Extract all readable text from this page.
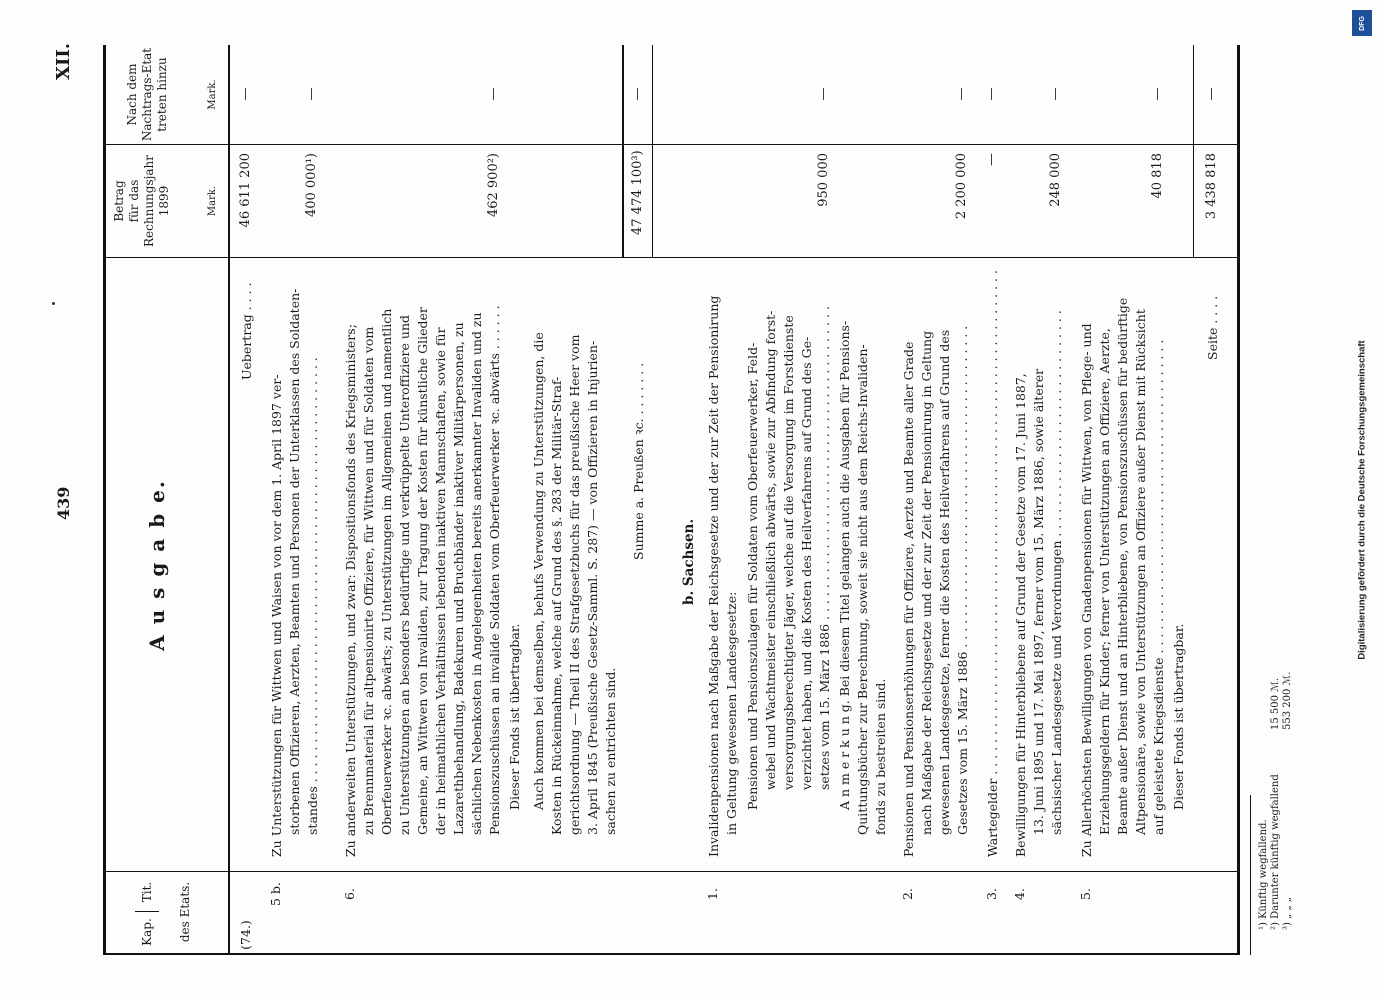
XII.
439
Kap.
Tit. des Etats.
A u s g a b e.
Betrag für das Rechnungsjahr 1899	Mark.
Nach dem Nachtrags-Etat treten hinzu	Mark.
(74.)
Uebertrag . . . .
46 611 200
—
5 b.
Zu Unterstützungen für Wittwen und Waisen von vor dem 1. April 1897 ver- storbenen Offizieren, Aerzten, Beamten und Personen der Unterklassen des Soldaten- standes . . . . . . . . . . . . . . . . . . . . . . . . . . . . . . . . . . . . . . . . . . . . . . . . . . . . . .
400 000¹)
—
6.
Zu anderweiten Unterstützungen, und zwar: Dispositionsfonds des Kriegsministers; zu Brennmaterial für altpensionirte Offiziere, für Wittwen und für Soldaten vom Oberfeuerwerker ꝛc. abwärts; zu Unterstützungen im Allgemeinen und namentlich zu Unterstützungen an besonders bedürftige und verkrüppelte Unteroffiziere und Gemeine, an Wittwen von Invaliden, zur Tragung der Kosten für künstliche Glieder der in heimathlichen Verhältnissen lebenden inaktiven Mannschaften, sowie für Lazarethbehandlung, Badekuren und Bruchbänder inaktiver Militärpersonen, zu sächlichen Nebenkosten in Angelegenheiten bereits anerkannter Invaliden und zu Pensionszuschüssen an invalide Soldaten vom Oberfeuerwerker ꝛc. abwärts . . . . . .
462 900²)
—
Dieser Fonds ist übertragbar. Auch kommen bei demselben, behufs Verwendung zu Unterstützungen, die Kosten in Rückeinnahme, welche auf Grund des §. 283 der Militär-Straf- gerichtsordnung — Theil II des Strafgesetzbuchs für das preußische Heer vom 3. April 1845 (Preußische Gesetz-Samml. S. 287) — von Offizieren in Injurien- sachen zu entrichten sind.
Summe a. Preußen ꝛc. . . . . . . .
47 474 100³)
—
b. Sachsen.
1.
Invalidenpensionen nach Maßgabe der Reichsgesetze und der zur Zeit der Pensionirung in Geltung gewesenen Landesgesetze: Pensionen und Pensionszulagen für Soldaten vom Oberfeuerwerker, Feld- webel und Wachtmeister einschließlich abwärts, sowie zur Abfindung forst- versorgungsberechtigter Jäger, welche auf die Versorgung im Forstdienste verzichtet haben, und die Kosten des Heilverfahrens auf Grund des Ge- setzes vom 15. März 1886 . . . . . . . . . . . . . . . . . . . . . . . . . . . . . . . . . . . . . . . .
950 000
—
A n m e r k u n g. Bei diesem Titel gelangen auch die Ausgaben für Pensions- Quittungsbücher zur Berechnung, soweit sie nicht aus dem Reichs-Invaliden- fonds zu bestreiten sind.
2.
Pensionen und Pensionserhöhungen für Offiziere, Aerzte und Beamte aller Grade nach Maßgabe der Reichsgesetze und der zur Zeit der Pensionirung in Geltung gewesenen Landesgesetze, ferner die Kosten des Heilverfahrens auf Grund des Gesetzes vom 15. März 1886 . . . . . . . . . . . . . . . . . . . . . . . . . . . . . . . . . . . . . . . . .
2 200 000
—
3.
Wartegelder . . . . . . . . . . . . . . . . . . . . . . . . . . . . . . . . . . . . . . . . . . . . . . . . . . . . . . . . . . . . . . . .
—
—
4.
Bewilligungen für Hinterbliebene auf Grund der Gesetze vom 17. Juni 1887, 13. Juni 1895 und 17. Mai 1897, ferner vom 15. März 1886, sowie älterer sächsischer Landesgesetze und Verordnungen . . . . . . . . . . . . . . . . . . . . . . . . . . . . .
248 000
—
5.
Zu Allerhöchsten Bewilligungen von Gnadenpensionen für Wittwen, von Pflege- und Erziehungsgeldern für Kinder; ferner von Unterstützungen an Offiziere, Aerzte, Beamte außer Dienst und an Hinterbliebene, von Pensionszuschüssen für bedürftige Altpensionäre, sowie von Unterstützungen an Offiziere außer Dienst mit Rücksicht auf geleistete Kriegsdienste . . . . . . . . . . . . . . . . . . . . . . . . . . . . . . . . . . . . . . . .
40 818
—
Dieser Fonds ist übertragbar.
Seite . . . .
3 438 818
—
¹) Künftig wegfallend. ²) Darunter künftig wegfallend ³) „ „ „
15 500 ℳ. 553 200 ℳ.
DFG
Digitalisierung gefördert durch die Deutsche Forschungsgemeinschaft
